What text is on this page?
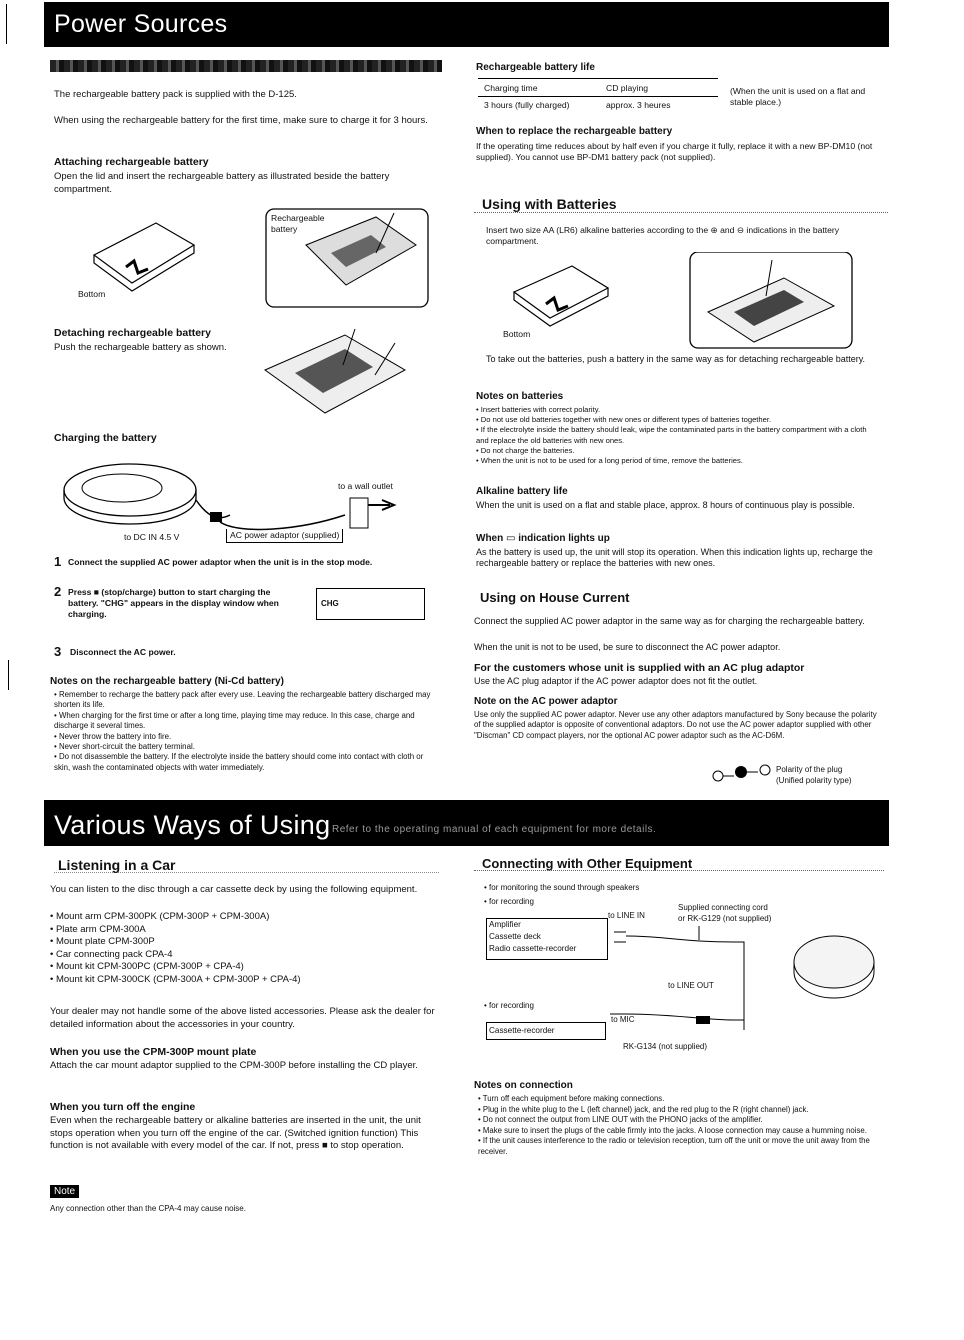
Power Sources
The rechargeable battery pack is supplied with the D-125.
When using the rechargeable battery for the first time, make sure to charge it for 3 hours.
Attaching rechargeable battery
Open the lid and insert the rechargeable battery as illustrated beside the battery compartment.
Rechargeable battery
Bottom
Detaching rechargeable battery
Push the rechargeable battery as shown.
Charging the battery
to a wall outlet
to DC IN 4.5 V	AC power adaptor (supplied)
1 Connect the supplied AC power adaptor when the unit is in the stop mode.
2 Press ■ (stop/charge) button to start charging the battery. "CHG" appears in the display window when charging.
CHG
3 Disconnect the AC power.
Notes on the rechargeable battery (Ni-Cd battery)
• Remember to recharge the battery pack after every use. Leaving the rechargeable battery discharged may shorten its life.
• When charging for the first time or after a long time, playing time may reduce. In this case, charge and discharge it several times.
• Never throw the battery into fire.
• Never short-circuit the battery terminal.
• Do not disassemble the battery. If the electrolyte inside the battery should come into contact with cloth or skin, wash the contaminated objects with water immediately.
Rechargeable battery life
Charging time	CD playing
3 hours (fully charged)	approx. 3 heures
(When the unit is used on a flat and stable place.)
When to replace the rechargeable battery
If the operating time reduces about by half even if you charge it fully, replace it with a new BP-DM10 (not supplied). You cannot use BP-DM1 battery pack (not supplied).
Using with Batteries
Insert two size AA (LR6) alkaline batteries according to the ⊕ and ⊖ indications in the battery compartment.
Bottom
To take out the batteries, push a battery in the same way as for detaching rechargeable battery.
Notes on batteries
• Insert batteries with correct polarity.
• Do not use old batteries together with new ones or different types of batteries together.
• If the electrolyte inside the battery should leak, wipe the contaminated parts in the battery compartment with a cloth and replace the old batteries with new ones.
• Do not charge the batteries.
• When the unit is not to be used for a long period of time, remove the batteries.
Alkaline battery life
When the unit is used on a flat and stable place, approx. 8 hours of continuous play is possible.
When ▭ indication lights up
As the battery is used up, the unit will stop its operation. When this indication lights up, recharge the rechargeable battery or replace the batteries with new ones.
Using on House Current
Connect the supplied AC power adaptor in the same way as for charging the rechargeable battery.
When the unit is not to be used, be sure to disconnect the AC power adaptor.
For the customers whose unit is supplied with an AC plug adaptor
Use the AC plug adaptor if the AC power adaptor does not fit the outlet.
Note on the AC power adaptor
Use only the supplied AC power adaptor. Never use any other adaptors manufactured by Sony because the polarity of the supplied adaptor is opposite of conventional adaptors. Do not use the AC power adaptor supplied with other "Discman" CD compact players, nor the optional AC power adaptor such as the AC-D6M.
Polarity of the plug
(Unified polarity type)
Various Ways of Using Refer to the operating manual of each equipment for more details.
Listening in a Car
You can listen to the disc through a car cassette deck by using the following equipment.
• Mount arm CPM-300PK (CPM-300P + CPM-300A)
• Plate arm CPM-300A
• Mount plate CPM-300P
• Car connecting pack CPA-4
• Mount kit CPM-300PC (CPM-300P + CPA-4)
• Mount kit CPM-300CK (CPM-300A + CPM-300P + CPA-4)
Your dealer may not handle some of the above listed accessories. Please ask the dealer for detailed information about the accessories in your country.
When you use the CPM-300P mount plate
Attach the car mount adaptor supplied to the CPM-300P before installing the CD player.
When you turn off the engine
Even when the rechargeable battery or alkaline batteries are inserted in the unit, the unit stops operation when you turn off the engine of the car. (Switched ignition function) This function is not available with every model of the car. If not, press ■ to stop operation.
Note
Any connection other than the CPA-4 may cause noise.
Connecting with Other Equipment
• for monitoring the sound through speakers
• for recording
Amplifier
Cassette deck
Radio cassette-recorder
to LINE IN
Supplied connecting cord
or RK-G129 (not supplied)
to LINE OUT
• for recording
Cassette-recorder
to MIC
RK-G134 (not supplied)
Notes on connection
• Turn off each equipment before making connections.
• Plug in the white plug to the L (left channel) jack, and the red plug to the R (right channel) jack.
• Do not connect the output from LINE OUT with the PHONO jacks of the amplifier.
• Make sure to insert the plugs of the cable firmly into the jacks. A loose connection may cause a humming noise.
• If the unit causes interference to the radio or television reception, turn off the unit or move the unit away from the receiver.
